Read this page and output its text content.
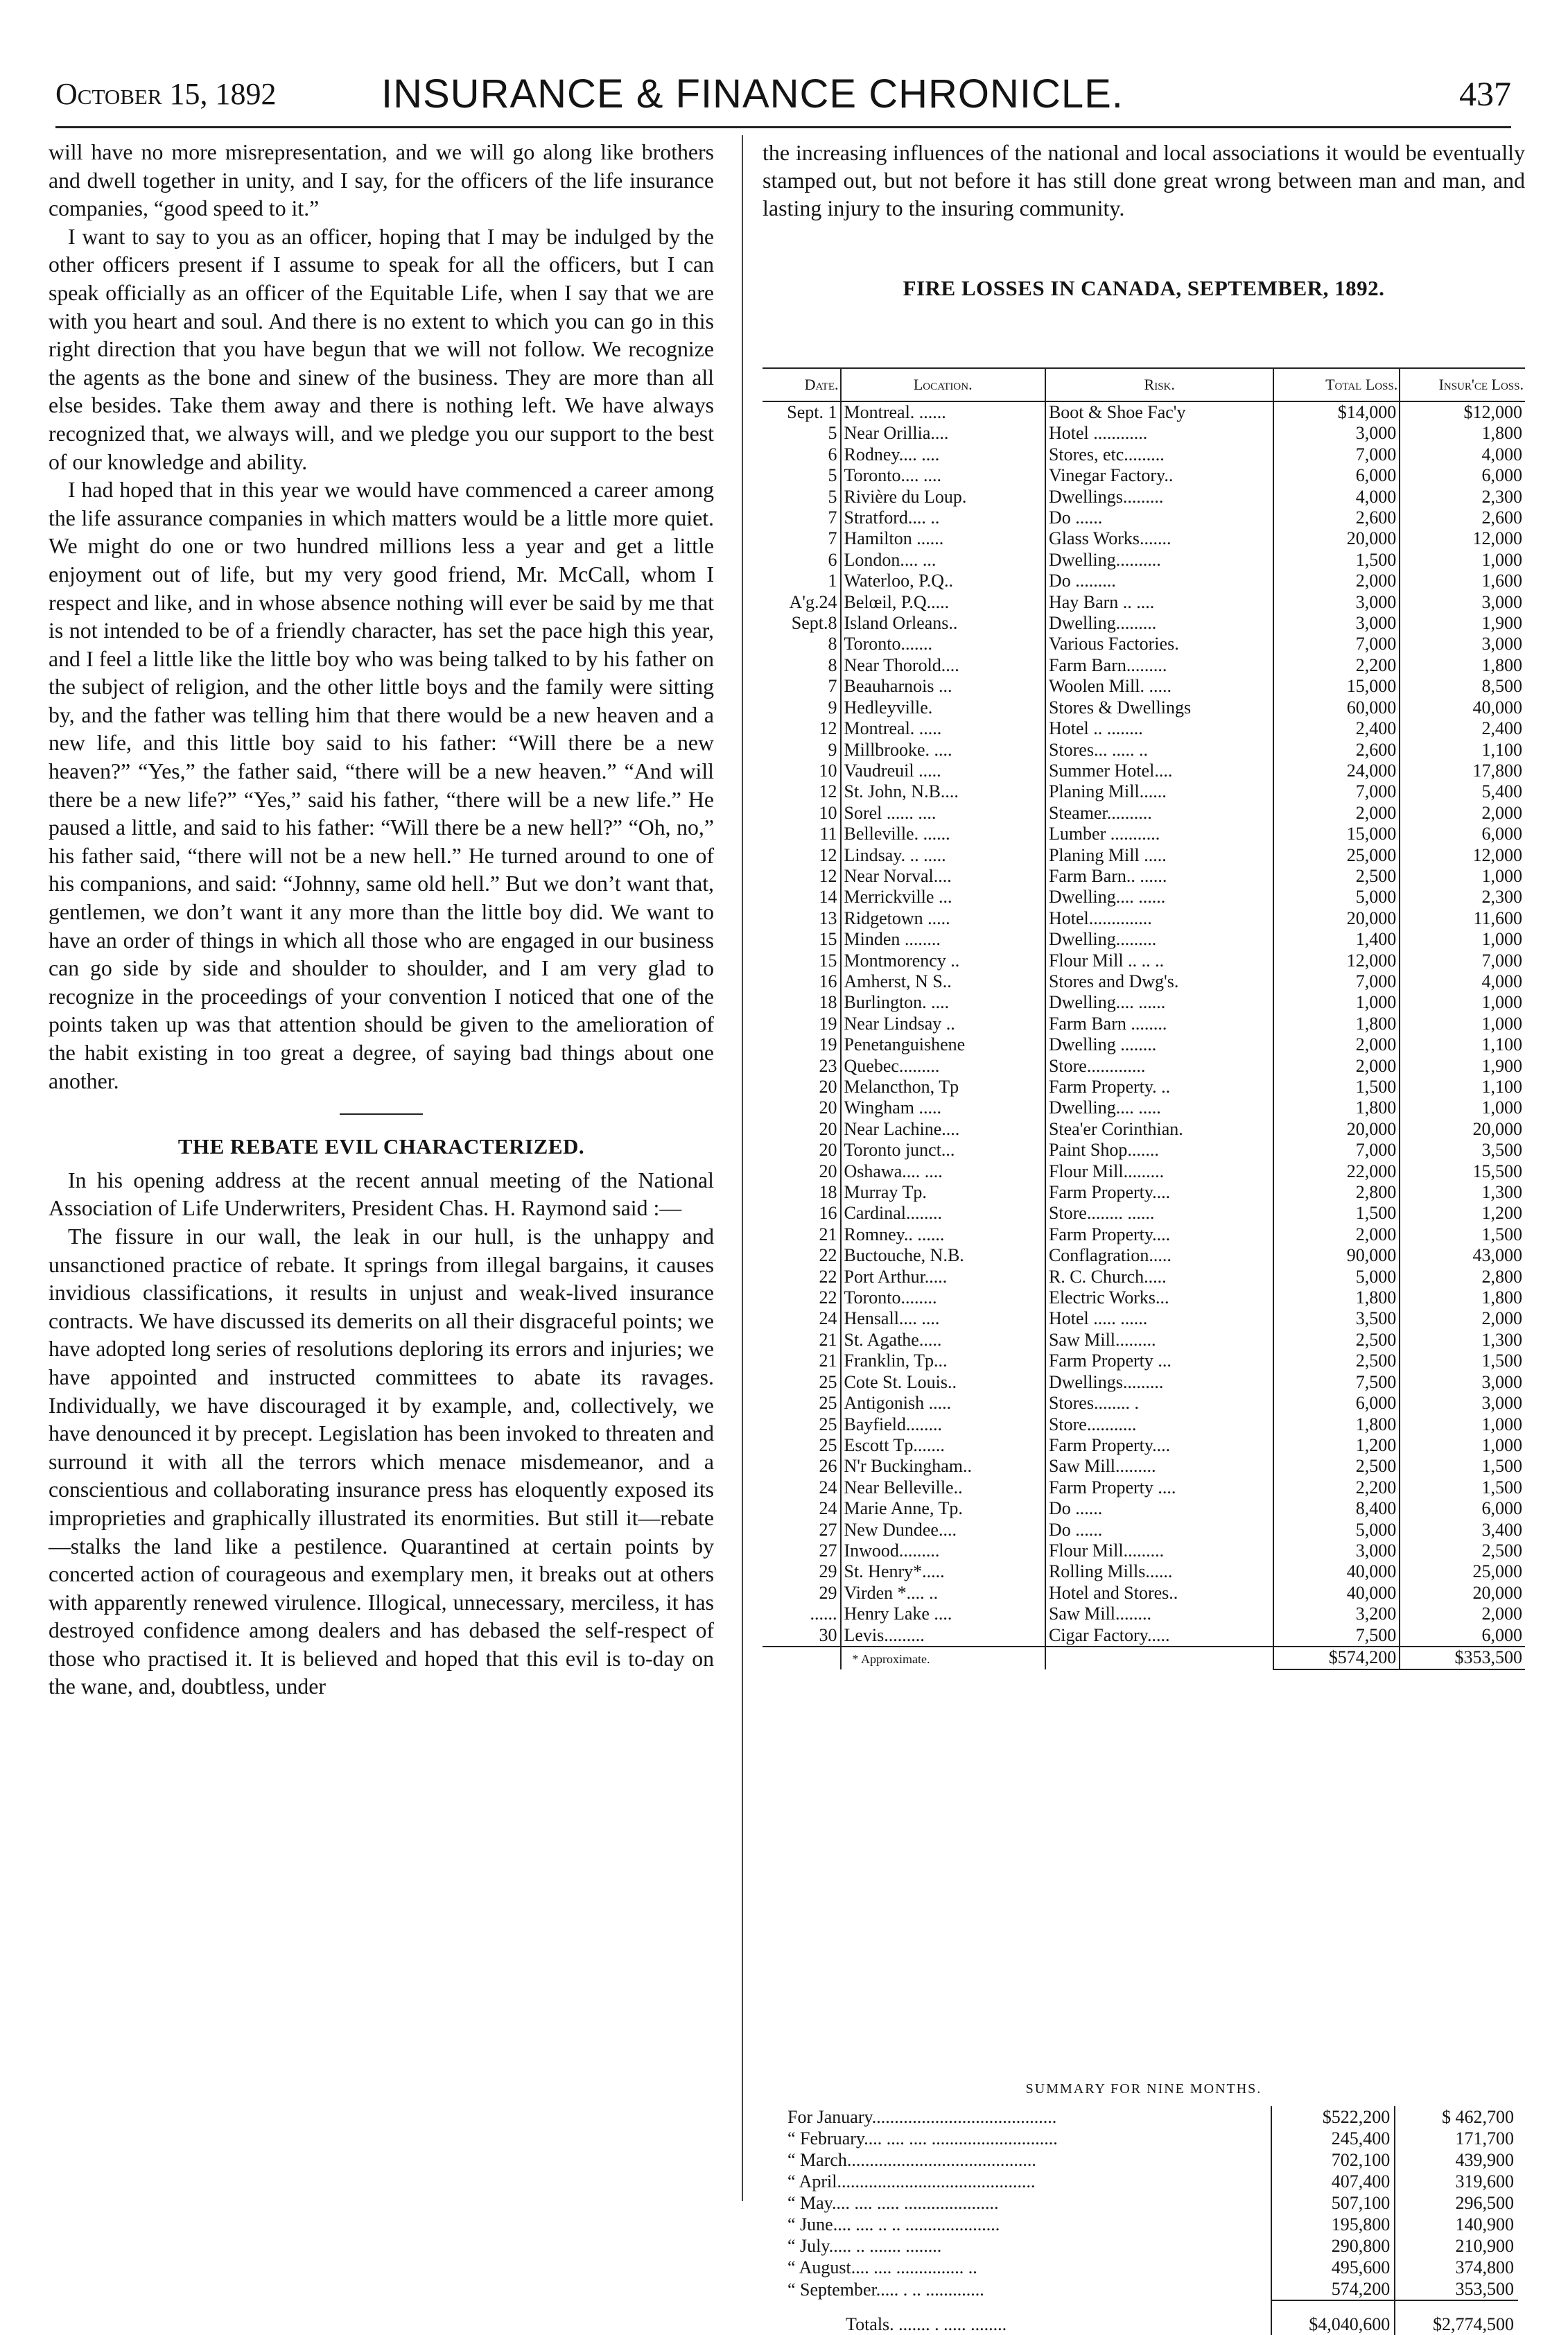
October 15, 1892	INSURANCE & FINANCE CHRONICLE.	437

will have no more misrepresentation, and we will go along like brothers and dwell together in unity, and I say, for the officers of the life insurance companies, “good speed to it.”

I want to say to you as an officer, hoping that I may be indulged by the other officers present if I assume to speak for all the officers, but I can speak officially as an officer of the Equitable Life, when I say that we are with you heart and soul. And there is no extent to which you can go in this right direction that you have begun that we will not follow. We recognize the agents as the bone and sinew of the business. They are more than all else besides. Take them away and there is nothing left. We have always recognized that, we always will, and we pledge you our support to the best of our knowledge and ability.

I had hoped that in this year we would have commenced a career among the life assurance companies in which matters would be a little more quiet. We might do one or two hundred millions less a year and get a little enjoyment out of life, but my very good friend, Mr. McCall, whom I respect and like, and in whose absence nothing will ever be said by me that is not intended to be of a friendly character, has set the pace high this year, and I feel a little like the little boy who was being talked to by his father on the subject of religion, and the other little boys and the family were sitting by, and the father was telling him that there would be a new heaven and a new life, and this little boy said to his father: “Will there be a new heaven?” “Yes,” the father said, “there will be a new heaven.” “And will there be a new life?” “Yes,” said his father, “there will be a new life.” He paused a little, and said to his father: “Will there be a new hell?” “Oh, no,” his father said, “there will not be a new hell.” He turned around to one of his companions, and said: “Johnny, same old hell.” But we don’t want that, gentlemen, we don’t want it any more than the little boy did. We want to have an order of things in which all those who are engaged in our business can go side by side and shoulder to shoulder, and I am very glad to recognize in the proceedings of your convention I noticed that one of the points taken up was that attention should be given to the amelioration of the habit existing in too great a degree, of saying bad things about one another.

THE REBATE EVIL CHARACTERIZED.

In his opening address at the recent annual meeting of the National Association of Life Underwriters, President Chas. H. Raymond said :—

The fissure in our wall, the leak in our hull, is the unhappy and unsanctioned practice of rebate. It springs from illegal bargains, it causes invidious classifications, it results in unjust and weak-lived insurance contracts. We have discussed its demerits on all their disgraceful points; we have adopted long series of resolutions deploring its errors and injuries; we have appointed and instructed committees to abate its ravages. Individually, we have discouraged it by example, and, collectively, we have denounced it by precept. Legislation has been invoked to threaten and surround it with all the terrors which menace misdemeanor, and a conscientious and collaborating insurance press has eloquently exposed its improprieties and graphically illustrated its enormities. But still it—rebate—stalks the land like a pestilence. Quarantined at certain points by concerted action of courageous and exemplary men, it breaks out at others with apparently renewed virulence. Illogical, unnecessary, merciless, it has destroyed confidence among dealers and has debased the self-respect of those who practised it. It is believed and hoped that this evil is to-day on the wane, and, doubtless, under

the increasing influences of the national and local associations it would be eventually stamped out, but not before it has still done great wrong between man and man, and lasting injury to the insuring community.

FIRE LOSSES IN CANADA, SEPTEMBER, 1892.
Date.	Location.	Risk.	Total Loss.	Insur'ce Loss.
Sept. 1	Montreal. ......	Boot & Shoe Fac'y	$14,000	$12,000
5	Near Orillia....	Hotel ............	3,000	1,800
6	Rodney.... ....	Stores, etc.........	7,000	4,000
5	Toronto.... ....	Vinegar Factory..	6,000	6,000
5	Rivière du Loup.	Dwellings.........	4,000	2,300
7	Stratford.... ..	Do ......	2,600	2,600
7	Hamilton ......	Glass Works.......	20,000	12,000
6	London.... ...	Dwelling..........	1,500	1,000
1	Waterloo, P.Q..	Do .........	2,000	1,600
A'g.24	Belœil, P.Q.....	Hay Barn .. ....	3,000	3,000
Sept.8	Island Orleans..	Dwelling.........	3,000	1,900
8	Toronto.......	Various Factories.	7,000	3,000
8	Near Thorold....	Farm Barn.........	2,200	1,800
7	Beauharnois ...	Woolen Mill. .....	15,000	8,500
9	Hedleyville.	Stores & Dwellings	60,000	40,000
12	Montreal. .....	Hotel .. ........	2,400	2,400
9	Millbrooke. ....	Stores... ..... ..	2,600	1,100
10	Vaudreuil .....	Summer Hotel....	24,000	17,800
12	St. John, N.B....	Planing Mill......	7,000	5,400
10	Sorel ...... ....	Steamer..........	2,000	2,000
11	Belleville. ......	Lumber ...........	15,000	6,000
12	Lindsay. .. .....	Planing Mill .....	25,000	12,000
12	Near Norval....	Farm Barn.. ......	2,500	1,000
14	Merrickville ...	Dwelling.... ......	5,000	2,300
13	Ridgetown .....	Hotel..............	20,000	11,600
15	Minden ........	Dwelling.........	1,400	1,000
15	Montmorency ..	Flour Mill .. .. ..	12,000	7,000
16	Amherst, N S..	Stores and Dwg's.	7,000	4,000
18	Burlington. ....	Dwelling.... ......	1,000	1,000
19	Near Lindsay ..	Farm Barn ........	1,800	1,000
19	Penetanguishene	Dwelling ........	2,000	1,100
23	Quebec.........	Store.............	2,000	1,900
20	Melancthon, Tp	Farm Property. ..	1,500	1,100
20	Wingham .....	Dwelling.... .....	1,800	1,000
20	Near Lachine....	Stea'er Corinthian.	20,000	20,000
20	Toronto junct...	Paint Shop.......	7,000	3,500
20	Oshawa.... ....	Flour Mill.........	22,000	15,500
18	Murray Tp.	Farm Property....	2,800	1,300
16	Cardinal........	Store........ ......	1,500	1,200
21	Romney.. ......	Farm Property....	2,000	1,500
22	Buctouche, N.B.	Conflagration.....	90,000	43,000
22	Port Arthur.....	R. C. Church.....	5,000	2,800
22	Toronto........	Electric Works...	1,800	1,800
24	Hensall.... ....	Hotel ..... ......	3,500	2,000
21	St. Agathe.....	Saw Mill.........	2,500	1,300
21	Franklin, Tp...	Farm Property ...	2,500	1,500
25	Cote St. Louis..	Dwellings.........	7,500	3,000
25	Antigonish .....	Stores........ .	6,000	3,000
25	Bayfield........	Store...........	1,800	1,000
25	Escott Tp.......	Farm Property....	1,200	1,000
26	N'r Buckingham..	Saw Mill.........	2,500	1,500
24	Near Belleville..	Farm Property ....	2,200	1,500
24	Marie Anne, Tp.	Do ......	8,400	6,000
27	New Dundee....	Do ......	5,000	3,400
27	Inwood.........	Flour Mill.........	3,000	2,500
29	St. Henry*.....	Rolling Mills......	40,000	25,000
29	Virden *.... ..	Hotel and Stores..	40,000	20,000
......	Henry Lake ....	Saw Mill........	3,200	2,000
30	Levis.........	Cigar Factory.....	7,500	6,000
	* Approximate.		$574,200	$353,500
SUMMARY FOR NINE MONTHS.
For January.........................................	$522,200	$ 462,700
“ February.... .... .... ............................	245,400	171,700
“ March..........................................	702,100	439,900
“ April............................................	407,400	319,600
“ May.... .... ..... .....................	507,100	296,500
“ June.... .... .. .. .....................	195,800	140,900
“ July..... .. ....... ........	290,800	210,900
“ August.... .... ............... ..	495,600	374,800
“ September..... . .. .............	574,200	353,500
Totals. ....... . ..... ........	$4,040,600	$2,774,500
